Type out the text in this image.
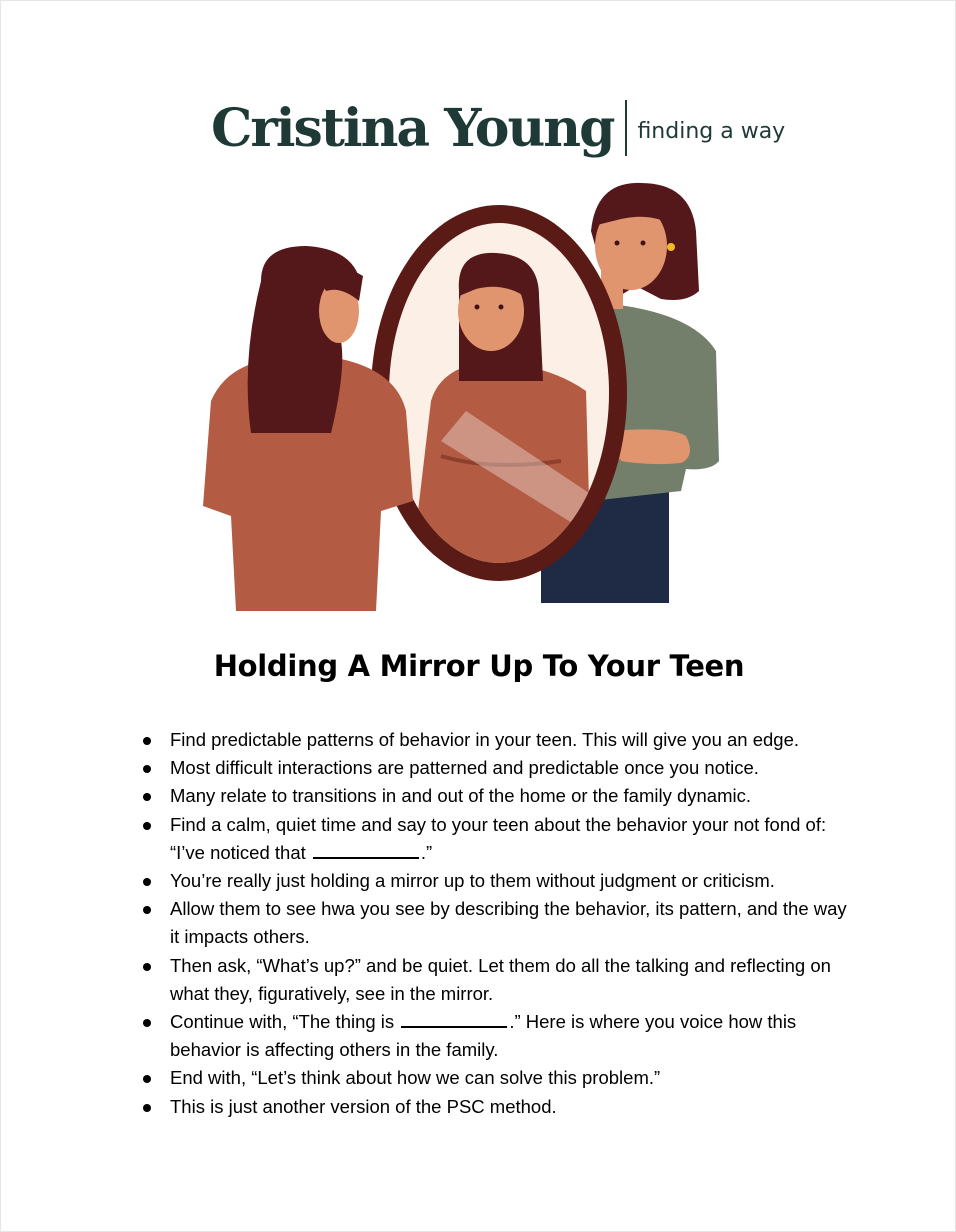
Cristina Young finding a way
Holding A Mirror Up To Your Teen
Find predictable patterns of behavior in your teen. This will give you an edge.
Most difficult interactions are patterned and predictable once you notice.
Many relate to transitions in and out of the home or the family dynamic.
Find a calm, quiet time and say to your teen about the behavior your not fond of: “I’ve noticed that	.”
You’re really just holding a mirror up to them without judgment or criticism.
Allow them to see hwa you see by describing the behavior, its pattern, and the way it impacts others.
Then ask, “What’s up?” and be quiet. Let them do all the talking and reflecting on what they, figuratively, see in the mirror.
Continue with, “The thing is	.” Here is where you voice how this behavior is affecting others in the family.
End with, “Let’s think about how we can solve this problem.”
This is just another version of the PSC method.
